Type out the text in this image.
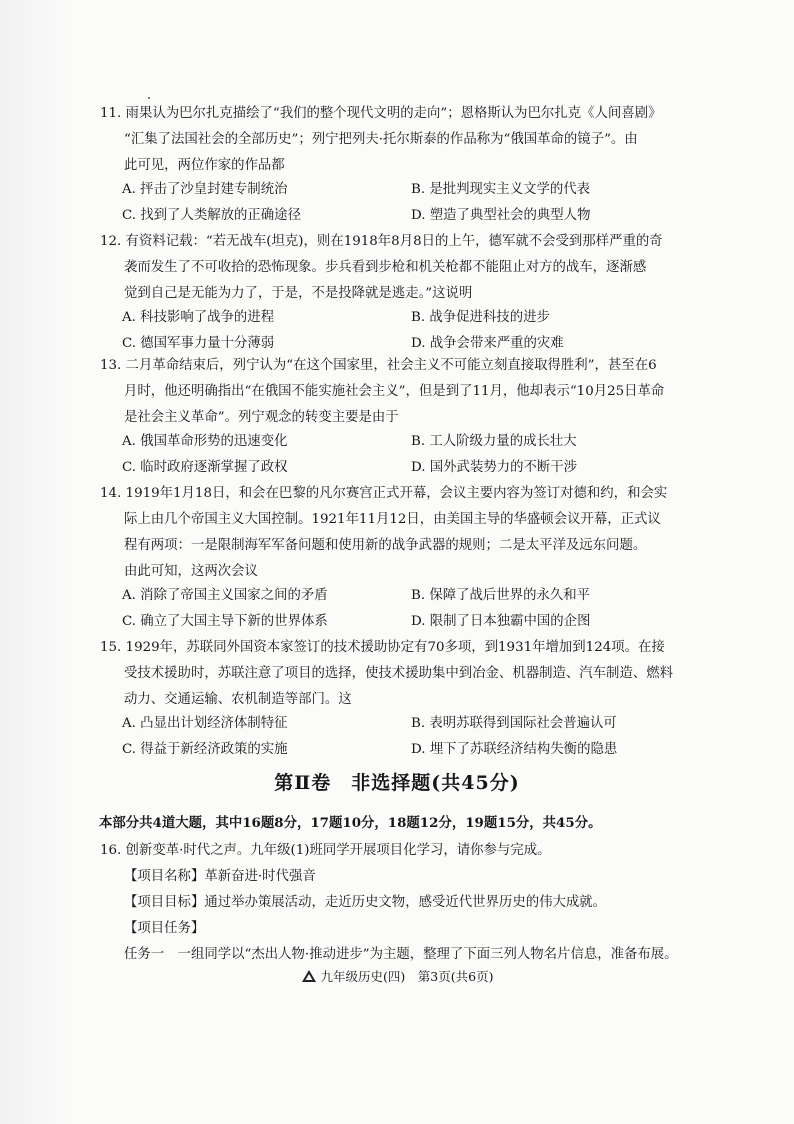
11. 雨果认为巴尔扎克描绘了“我们的整个现代文明的走向”；恩格斯认为巴尔扎克《人间喜剧》
“汇集了法国社会的全部历史”；列宁把列夫·托尔斯泰的作品称为“俄国革命的镜子”。由
此可见，两位作家的作品都
A. 抨击了沙皇封建专制统治	B. 是批判现实主义文学的代表
C. 找到了人类解放的正确途径	D. 塑造了典型社会的典型人物
12. 有资料记载：“若无战车(坦克)，则在1918年8月8日的上午，德军就不会受到那样严重的奇
袭而发生了不可收拾的恐怖现象。步兵看到步枪和机关枪都不能阻止对方的战车，逐渐感
觉到自己是无能为力了，于是，不是投降就是逃走。”这说明
A. 科技影响了战争的进程	B. 战争促进科技的进步
C. 德国军事力量十分薄弱	D. 战争会带来严重的灾难
13. 二月革命结束后，列宁认为“在这个国家里，社会主义不可能立刻直接取得胜利”，甚至在6
月时，他还明确指出“在俄国不能实施社会主义”，但是到了11月，他却表示“10月25日革命
是社会主义革命”。列宁观念的转变主要是由于
A. 俄国革命形势的迅速变化	B. 工人阶级力量的成长壮大
C. 临时政府逐渐掌握了政权	D. 国外武装势力的不断干涉
14. 1919年1月18日，和会在巴黎的凡尔赛宫正式开幕，会议主要内容为签订对德和约，和会实
际上由几个帝国主义大国控制。1921年11月12日，由美国主导的华盛顿会议开幕，正式议
程有两项：一是限制海军军备问题和使用新的战争武器的规则；二是太平洋及远东问题。
由此可知，这两次会议
A. 消除了帝国主义国家之间的矛盾	B. 保障了战后世界的永久和平
C. 确立了大国主导下新的世界体系	D. 限制了日本独霸中国的企图
15. 1929年，苏联同外国资本家签订的技术援助协定有70多项，到1931年增加到124项。在接
受技术援助时，苏联注意了项目的选择，使技术援助集中到冶金、机器制造、汽车制造、燃料
动力、交通运输、农机制造等部门。这
A. 凸显出计划经济体制特征	B. 表明苏联得到国际社会普遍认可
C. 得益于新经济政策的实施	D. 埋下了苏联经济结构失衡的隐患
第Ⅱ卷　非选择题(共45分)
本部分共4道大题，其中16题8分，17题10分，18题12分，19题15分，共45分。
16. 创新变革·时代之声。九年级(1)班同学开展项目化学习，请你参与完成。
【项目名称】革新奋进·时代强音
【项目目标】通过举办策展活动，走近历史文物，感受近代世界历史的伟大成就。
【项目任务】
任务一　一组同学以“杰出人物·推动进步”为主题，整理了下面三列人物名片信息，准备布展。
九年级历史(四)　第3页(共6页)
